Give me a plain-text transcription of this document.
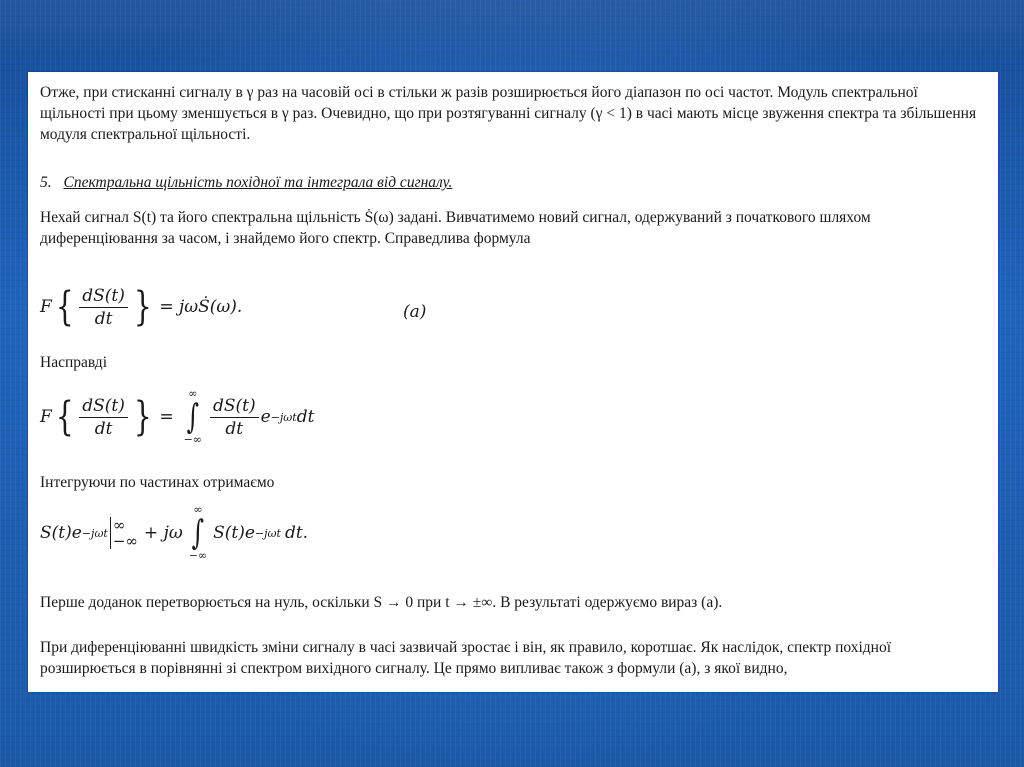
Отже, при стисканні сигналу в γ раз на часовій осі в стільки ж разів розширюється його діапазон по осі частот. Модуль спектральної щільності при цьому зменшується в γ раз. Очевидно, що при розтягуванні сигналу (γ < 1) в часі мають місце звуження спектра та збільшення модуля спектральної щільності.
5. Спектральна щільність похідної та інтеграла від сигналу.
Нехай сигнал S(t) та його спектральна щільність Ṡ(ω) задані. Вивчатимемо новий сигнал, одержуваний з початкового шляхом диференціювання за часом, і знайдемо його спектр. Справедлива формула
F { $\frac{dS(t)}{dt}$ } = jωṠ(ω).	(a)
Насправді
F { $\frac{dS(t)}{dt}$ } =
∞
∫
−∞
$\frac{dS(t)}{dt}$ e −jωt dt
Інтегруючи по частинах отримаємо
S(t)e −jωt ∞
−∞ + jω
∞
∫
−∞
S(t)e −jωt dt.
Перше доданок перетворюється на нуль, оскільки S → 0 при t → ±∞. В результаті одержуємо вираз (а).
При диференціюванні швидкість зміни сигналу в часі зазвичай зростає і він, як правило, коротшає. Як наслідок, спектр похідної розширюється в порівнянні зі спектром вихідного сигналу. Це прямо випливає також з формули (а), з якої видно,
